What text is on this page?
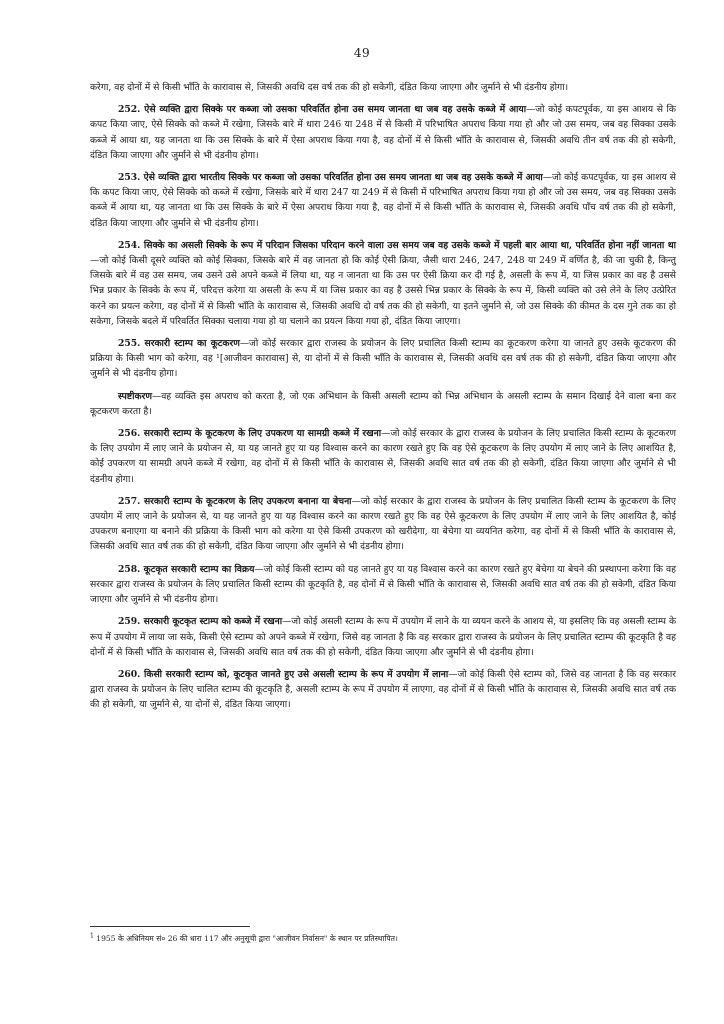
49

करेगा, वह दोनों में से किसी भाँति के कारावास से, जिसकी अवधि दस वर्ष तक की हो सकेगी, दंडित किया जाएगा और जुर्माने से भी दंडनीय होगा।

252. ऐसे व्यक्ति द्वारा सिक्के पर कब्जा जो उसका परिवर्तित होना उस समय जानता था जब वह उसके कब्जे में आया—जो कोई कपटपूर्वक, या इस आशय से कि कपट किया जाए, ऐसे सिक्के को कब्जे में रखेगा, जिसके बारे में धारा 246 या 248 में से किसी में परिभाषित अपराध किया गया हो और जो उस समय, जब वह सिक्का उसके कब्जे में आया था, यह जानता था कि उस सिक्के के बारे में ऐसा अपराध किया गया है, वह दोनों में से किसी भाँति के कारावास से, जिसकी अवधि तीन वर्ष तक की हो सकेगी, दंडित किया जाएगा और जुर्माने से भी दंडनीय होगा।

253. ऐसे व्यक्ति द्वारा भारतीय सिक्के पर कब्जा जो उसका परिवर्तित होना उस समय जानता था जब वह उसके कब्जे में आया—जो कोई कपटपूर्वक, या इस आशय से कि कपट किया जाए, ऐसे सिक्के को कब्जे में रखेगा, जिसके बारे में धारा 247 या 249 में से किसी में परिभाषित अपराध किया गया हो और जो उस समय, जब वह सिक्का उसके कब्जे में आया था, यह जानता था कि उस सिक्के के बारे में ऐसा अपराध किया गया है, वह दोनों में से किसी भाँति के कारावास से, जिसकी अवधि पाँच वर्ष तक की हो सकेगी, दंडित किया जाएगा और जुर्माने से भी दंडनीय होगा।

254. सिक्के का असली सिक्के के रूप में परिदान जिसका परिदान करने वाला उस समय जब वह उसके कब्जे में पहली बार आया था, परिवर्तित होना नहीं जानता था—जो कोई किसी दूसरे व्यक्ति को कोई सिक्का, जिसके बारे में वह जानता हो कि कोई ऐसी क्रिया, जैसी धारा 246, 247, 248 या 249 में वर्णित है, की जा चुकी है, किन्तु जिसके बारे में वह उस समय, जब उसने उसे अपने कब्जे में लिया था, यह न जानता था कि उस पर ऐसी क्रिया कर दी गई है, असली के रूप में, या जिस प्रकार का वह है उससे भिन्न प्रकार के सिक्के के रूप में, परिदत्त करेगा या असली के रूप में या जिस प्रकार का वह है उससे भिन्न प्रकार के सिक्के के रूप में, किसी व्यक्ति को उसे लेने के लिए उत्प्रेरित करने का प्रयत्न करेगा, वह दोनों में से किसी भाँति के कारावास से, जिसकी अवधि दो वर्ष तक की हो सकेगी, या इतने जुर्माने से, जो उस सिक्के की कीमत के दस गुने तक का हो सकेगा, जिसके बदले में परिवर्तित सिक्का चलाया गया हो या चलाने का प्रयत्न किया गया हो, दंडित किया जाएगा।

255. सरकारी स्टाम्प का कूटकरण—जो कोई सरकार द्वारा राजस्व के प्रयोजन के लिए प्रचालित किसी स्टाम्प का कूटकरण करेगा या जानते हुए उसके कूटकरण की प्रक्रिया के किसी भाग को करेगा, वह ¹[आजीवन कारावास] से, या दोनों में से किसी भाँति के कारावास से, जिसकी अवधि दस वर्ष तक की हो सकेगी, दंडित किया जाएगा और जुर्माने से भी दंडनीय होगा।

स्पष्टीकरण—वह व्यक्ति इस अपराध को करता है, जो एक अभिधान के किसी असली स्टाम्प को भिन्न अभिधान के असली स्टाम्प के समान दिखाई देने वाला बना कर कूटकरण करता है।

256. सरकारी स्टाम्प के कूटकरण के लिए उपकरण या सामग्री कब्जे में रखना—जो कोई सरकार के द्वारा राजस्व के प्रयोजन के लिए प्रचालित किसी स्टाम्प के कूटकरण के लिए उपयोग में लाए जाने के प्रयोजन से, या यह जानते हुए या यह विश्वास करने का कारण रखते हुए कि वह ऐसे कूटकरण के लिए उपयोग में लाए जाने के लिए आशयित है, कोई उपकरण या सामग्री अपने कब्जे में रखेगा, वह दोनों में से किसी भाँति के कारावास से, जिसकी अवधि सात वर्ष तक की हो सकेगी, दंडित किया जाएगा और जुर्माने से भी दंडनीय होगा।

257. सरकारी स्टाम्प के कूटकरण के लिए उपकरण बनाना या बेचना—जो कोई सरकार के द्वारा राजस्व के प्रयोजन के लिए प्रचालित किसी स्टाम्प के कूटकरण के लिए उपयोग में लाए जाने के प्रयोजन से, या यह जानते हुए या यह विश्वास करने का कारण रखते हुए कि वह ऐसे कूटकरण के लिए उपयोग में लाए जाने के लिए आशयित है, कोई उपकरण बनाएगा या बनाने की प्रक्रिया के किसी भाग को करेगा या ऐसे किसी उपकरण को खरीदेगा, या बेचेगा या व्ययनित करेगा, वह दोनों में से किसी भाँति के कारावास से, जिसकी अवधि सात वर्ष तक की हो सकेगी, दंडित किया जाएगा और जुर्माने से भी दंडनीय होगा।

258. कूटकृत सरकारी स्टाम्प का विक्रय—जो कोई किसी स्टाम्प को यह जानते हुए या यह विश्वास करने का कारण रखते हुए बेचेगा या बेचने की प्रस्थापना करेगा कि वह सरकार द्वारा राजस्व के प्रयोजन के लिए प्रचालित किसी स्टाम्प की कूटकृति है, वह दोनों में से किसी भाँति के कारावास से, जिसकी अवधि सात वर्ष तक की हो सकेगी, दंडित किया जाएगा और जुर्माने से भी दंडनीय होगा।

259. सरकारी कूटकृत स्टाम्प को कब्जे में रखना—जो कोई असली स्टाम्प के रूप में उपयोग में लाने के या व्ययन करने के आशय से, या इसलिए कि वह असली स्टाम्प के रूप में उपयोग में लाया जा सके, किसी ऐसे स्टाम्प को अपने कब्जे में रखेगा, जिसे वह जानता है कि वह सरकार द्वारा राजस्व के प्रयोजन के लिए प्रचालित स्टाम्प की कूटकृति है वह दोनों में से किसी भाँति के कारावास से, जिसकी अवधि सात वर्ष तक की हो सकेगी, दंडित किया जाएगा और जुर्माने से भी दंडनीय होगा।

260. किसी सरकारी स्टाम्प को, कूटकृत जानते हुए उसे असली स्टाम्प के रूप में उपयोग में लाना—जो कोई किसी ऐसे स्टाम्प को, जिसे वह जानता है कि वह सरकार द्वारा राजस्व के प्रयोजन के लिए चालित स्टाम्प की कूटकृति है, असली स्टाम्प के रूप में उपयोग में लाएगा, वह दोनों में से किसी भाँति के कारावास से, जिसकी अवधि सात वर्ष तक की हो सकेगी, या जुर्माने से, या दोनों से, दंडित किया जाएगा।

$^1$ 1955 के अधिनियम सं० 26 की धारा 117 और अनुसूची द्वारा "आजीवन निर्वासन" के स्थान पर प्रतिस्थापित।
